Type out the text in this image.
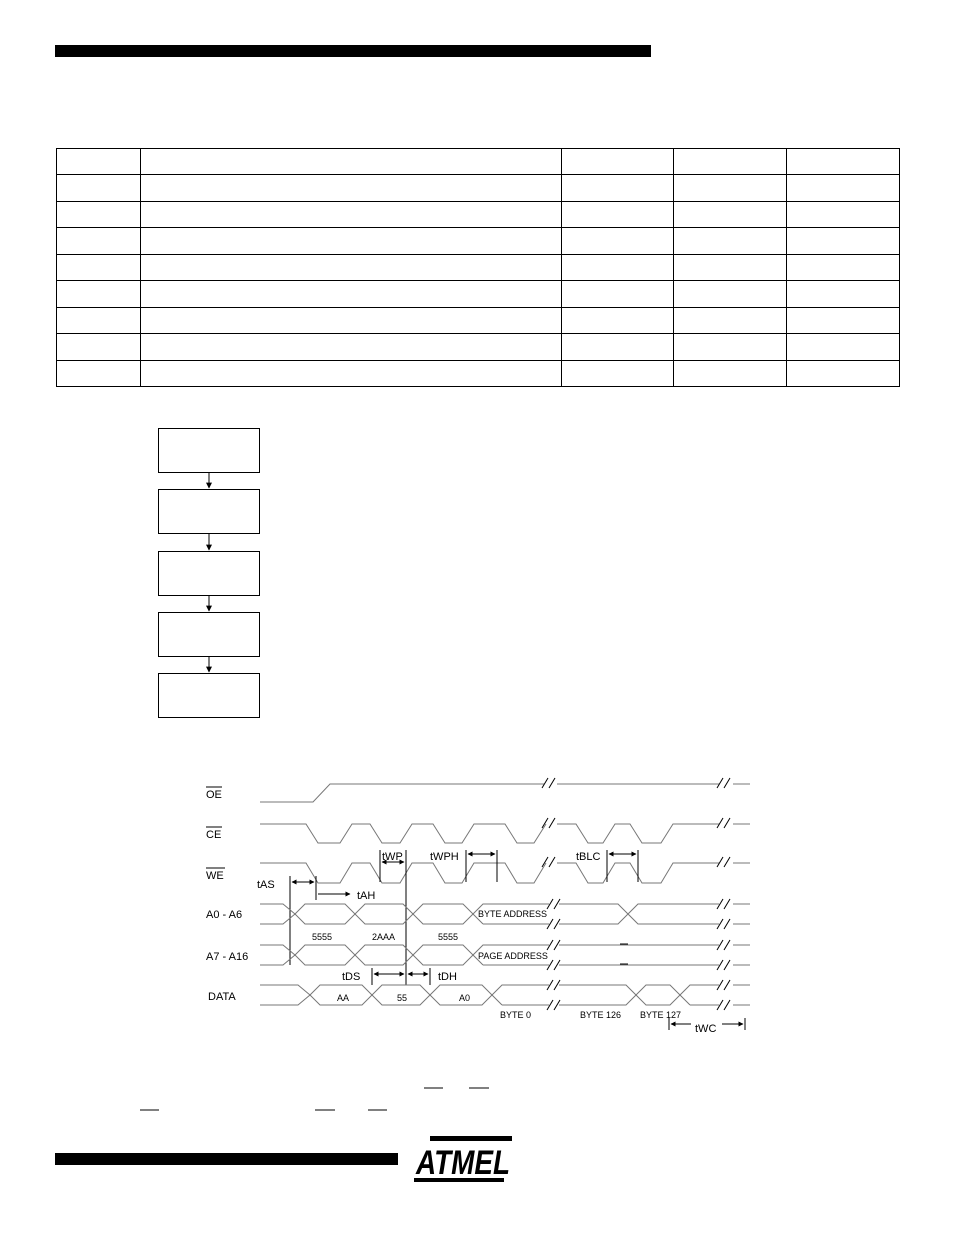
OE
CE
WE
A0 - A6
A7 - A16
DATA
tWP tWPH	tBLC
tAS
tAH
BYTE ADDRESS
5555	2AAA	5555
PAGE ADDRESS
AA	55	A0
tDS	tDH
BYTE 0	BYTE 126 BYTE 127
tWC
ATMEL
